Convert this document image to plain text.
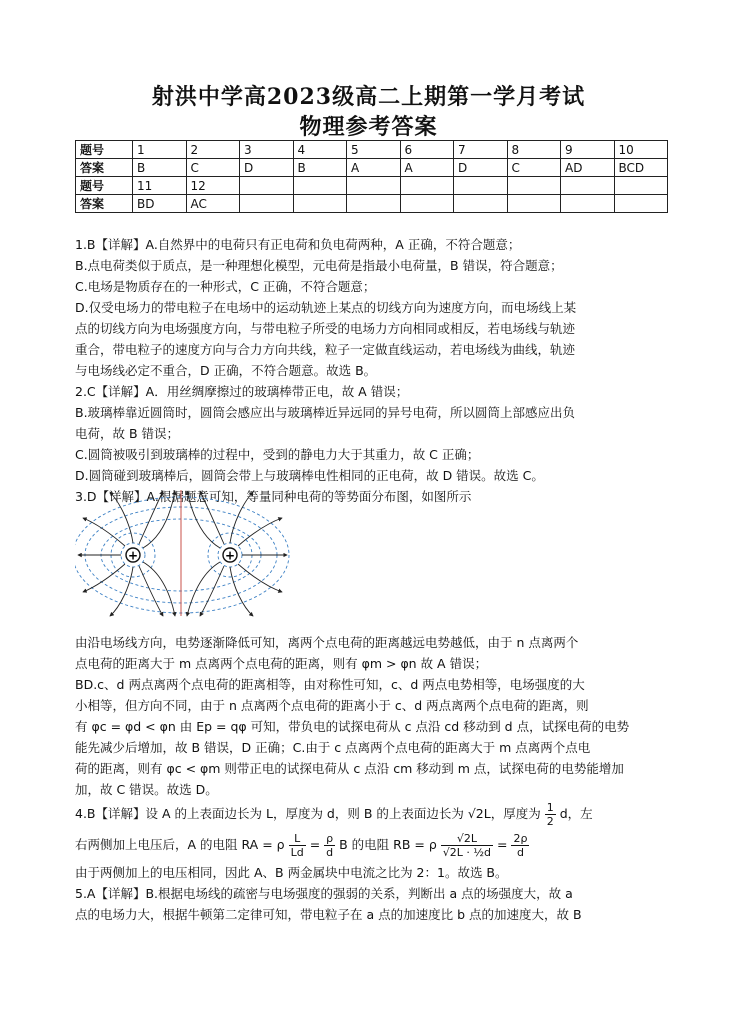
射洪中学高2023级高二上期第一学月考试
物理参考答案
题号	1	2	3	4	5	6	7	8	9	10
答案	B	C	D	B	A	A	D	C	AD	BCD
题号	11	12								
答案	BD	AC								

1.B【详解】A.自然界中的电荷只有正电荷和负电荷两种，A 正确，不符合题意；

B.点电荷类似于质点，是一种理想化模型，元电荷是指最小电荷量，B 错误，符合题意；

C.电场是物质存在的一种形式，C 正确，不符合题意；

D.仅受电场力的带电粒子在电场中的运动轨迹上某点的切线方向为速度方向，而电场线上某

点的切线方向为电场强度方向，与带电粒子所受的电场力方向相同或相反，若电场线与轨迹

重合，带电粒子的速度方向与合力方向共线，粒子一定做直线运动，若电场线为曲线，轨迹

与电场线必定不重合，D 正确，不符合题意。故选 B。

2.C【详解】A．用丝绸摩擦过的玻璃棒带正电，故 A 错误；

B.玻璃棒靠近圆筒时，圆筒会感应出与玻璃棒近异远同的异号电荷，所以圆筒上部感应出负

电荷，故 B 错误；

C.圆筒被吸引到玻璃棒的过程中，受到的静电力大于其重力，故 C 正确；

D.圆筒碰到玻璃棒后，圆筒会带上与玻璃棒电性相同的正电荷，故 D 错误。故选 C。

3.D【详解】A.根据题意可知，等量同种电荷的等势面分布图，如图所示

+	+

由沿电场线方向，电势逐渐降低可知，离两个点电荷的距离越远电势越低，由于 n 点离两个

点电荷的距离大于 m 点离两个点电荷的距离，则有 φm > φn 故 A 错误；

BD.c、d 两点离两个点电荷的距离相等，由对称性可知，c、d 两点电势相等，电场强度的大

小相等，但方向不同，由于 n 点离两个点电荷的距离小于 c、d 两点离两个点电荷的距离，则

有 φc = φd < φn 由 Ep = qφ 可知，带负电的试探电荷从 c 点沿 cd 移动到 d 点，试探电荷的电势

能先减少后增加，故 B 错误，D 正确；C.由于 c 点离两个点电荷的距离大于 m 点离两个点电

荷的距离，则有 φc < φm 则带正电的试探电荷从 c 点沿 cm 移动到 m 点，试探电荷的电势能增加

加，故 C 错误。故选 D。

4.B【详解】设 A 的上表面边长为 L，厚度为 d，则 B 的上表面边长为 √2L，厚度为 $\frac{1}{2}$ d，左

右两侧加上电压后，A 的电阻 RA = ρ $\frac{L}{Ld} = \frac{\rho}{d}$ B 的电阻 RB = ρ $\frac{√2L}{\text{√2L · ½d}} = \frac{2\rho}{d}$

由于两侧加上的电压相同，因此 A、B 两金属块中电流之比为 2：1。故选 B。

5.A【详解】B.根据电场线的疏密与电场强度的强弱的关系，判断出 a 点的场强度大，故 a

点的电场力大，根据牛顿第二定律可知，带电粒子在 a 点的加速度比 b 点的加速度大，故 B
